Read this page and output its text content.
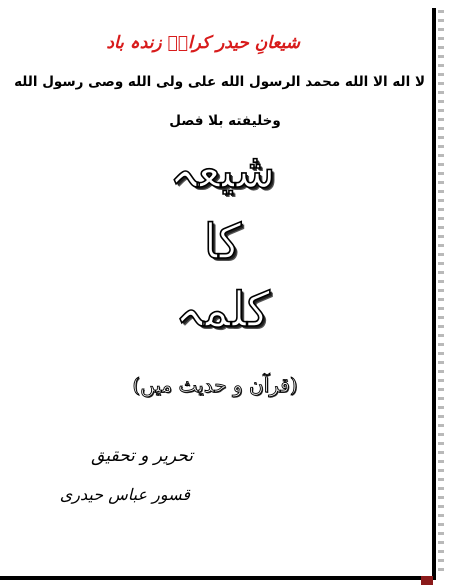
شیعانِ حیدر کرارؑ زندہ باد
لا اله الا الله محمد الرسول الله علی ولی الله وصی رسول الله
وخلیفته بلا فصل
شیعہ
کا
کلمہ
(قرآن و حدیث میں)
تحریر و تحقیق
قسور عباس حیدری
